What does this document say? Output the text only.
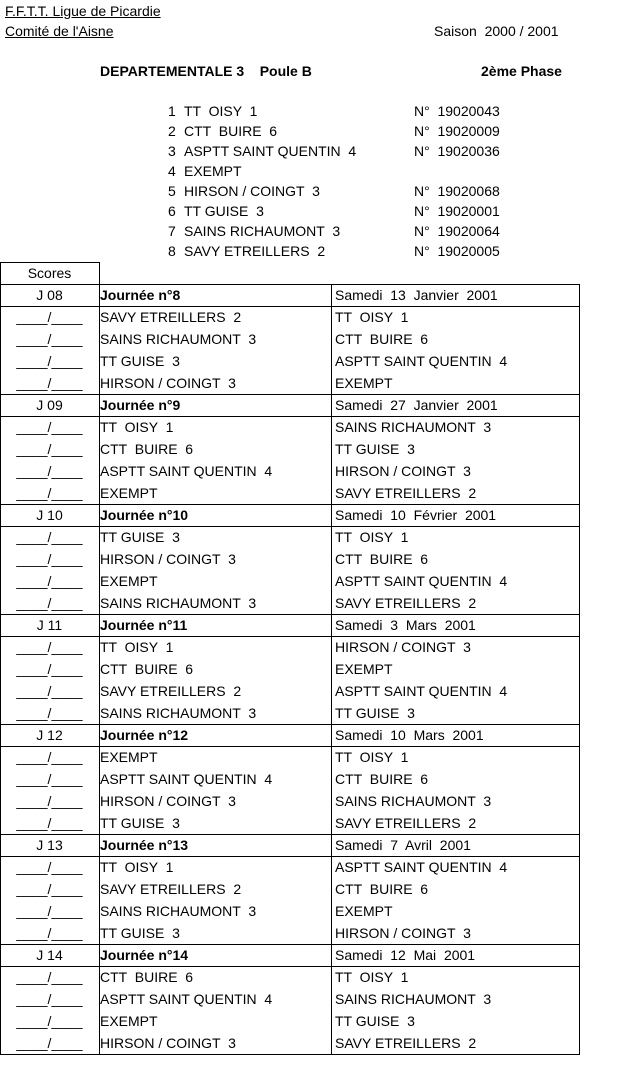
F.F.T.T. Ligue de Picardie
Comité de l'Aisne	Saison  2000 / 2001
DEPARTEMENTALE 3    Poule B	2ème Phase
1 TT  OISY  1	N°  19020043
2 CTT  BUIRE  6	N°  19020009
3 ASPTT SAINT QUENTIN  4	N°  19020036
4 EXEMPT
5 HIRSON / COINGT  3	N°  19020068
6 TT GUISE  3	N°  19020001
7 SAINS RICHAUMONT  3	N°  19020064
8 SAVY ETREILLERS  2	N°  19020005
Scores
J 08	Journée n°8	Samedi  13  Janvier  2001
____/____	SAVY ETREILLERS  2	TT  OISY  1
____/____	SAINS RICHAUMONT  3	CTT  BUIRE  6
____/____	TT GUISE  3	ASPTT SAINT QUENTIN  4
____/____	HIRSON / COINGT  3	EXEMPT
J 09	Journée n°9	Samedi  27  Janvier  2001
____/____	TT  OISY  1	SAINS RICHAUMONT  3
____/____	CTT  BUIRE  6	TT GUISE  3
____/____	ASPTT SAINT QUENTIN  4	HIRSON / COINGT  3
____/____	EXEMPT	SAVY ETREILLERS  2
J 10	Journée n°10	Samedi  10  Février  2001
____/____	TT GUISE  3	TT  OISY  1
____/____	HIRSON / COINGT  3	CTT  BUIRE  6
____/____	EXEMPT	ASPTT SAINT QUENTIN  4
____/____	SAINS RICHAUMONT  3	SAVY ETREILLERS  2
J 11	Journée n°11	Samedi  3  Mars  2001
____/____	TT  OISY  1	HIRSON / COINGT  3
____/____	CTT  BUIRE  6	EXEMPT
____/____	SAVY ETREILLERS  2	ASPTT SAINT QUENTIN  4
____/____	SAINS RICHAUMONT  3	TT GUISE  3
J 12	Journée n°12	Samedi  10  Mars  2001
____/____	EXEMPT	TT  OISY  1
____/____	ASPTT SAINT QUENTIN  4	CTT  BUIRE  6
____/____	HIRSON / COINGT  3	SAINS RICHAUMONT  3
____/____	TT GUISE  3	SAVY ETREILLERS  2
J 13	Journée n°13	Samedi  7  Avril  2001
____/____	TT  OISY  1	ASPTT SAINT QUENTIN  4
____/____	SAVY ETREILLERS  2	CTT  BUIRE  6
____/____	SAINS RICHAUMONT  3	EXEMPT
____/____	TT GUISE  3	HIRSON / COINGT  3
J 14	Journée n°14	Samedi  12  Mai  2001
____/____	CTT  BUIRE  6	TT  OISY  1
____/____	ASPTT SAINT QUENTIN  4	SAINS RICHAUMONT  3
____/____	EXEMPT	TT GUISE  3
____/____	HIRSON / COINGT  3	SAVY ETREILLERS  2
